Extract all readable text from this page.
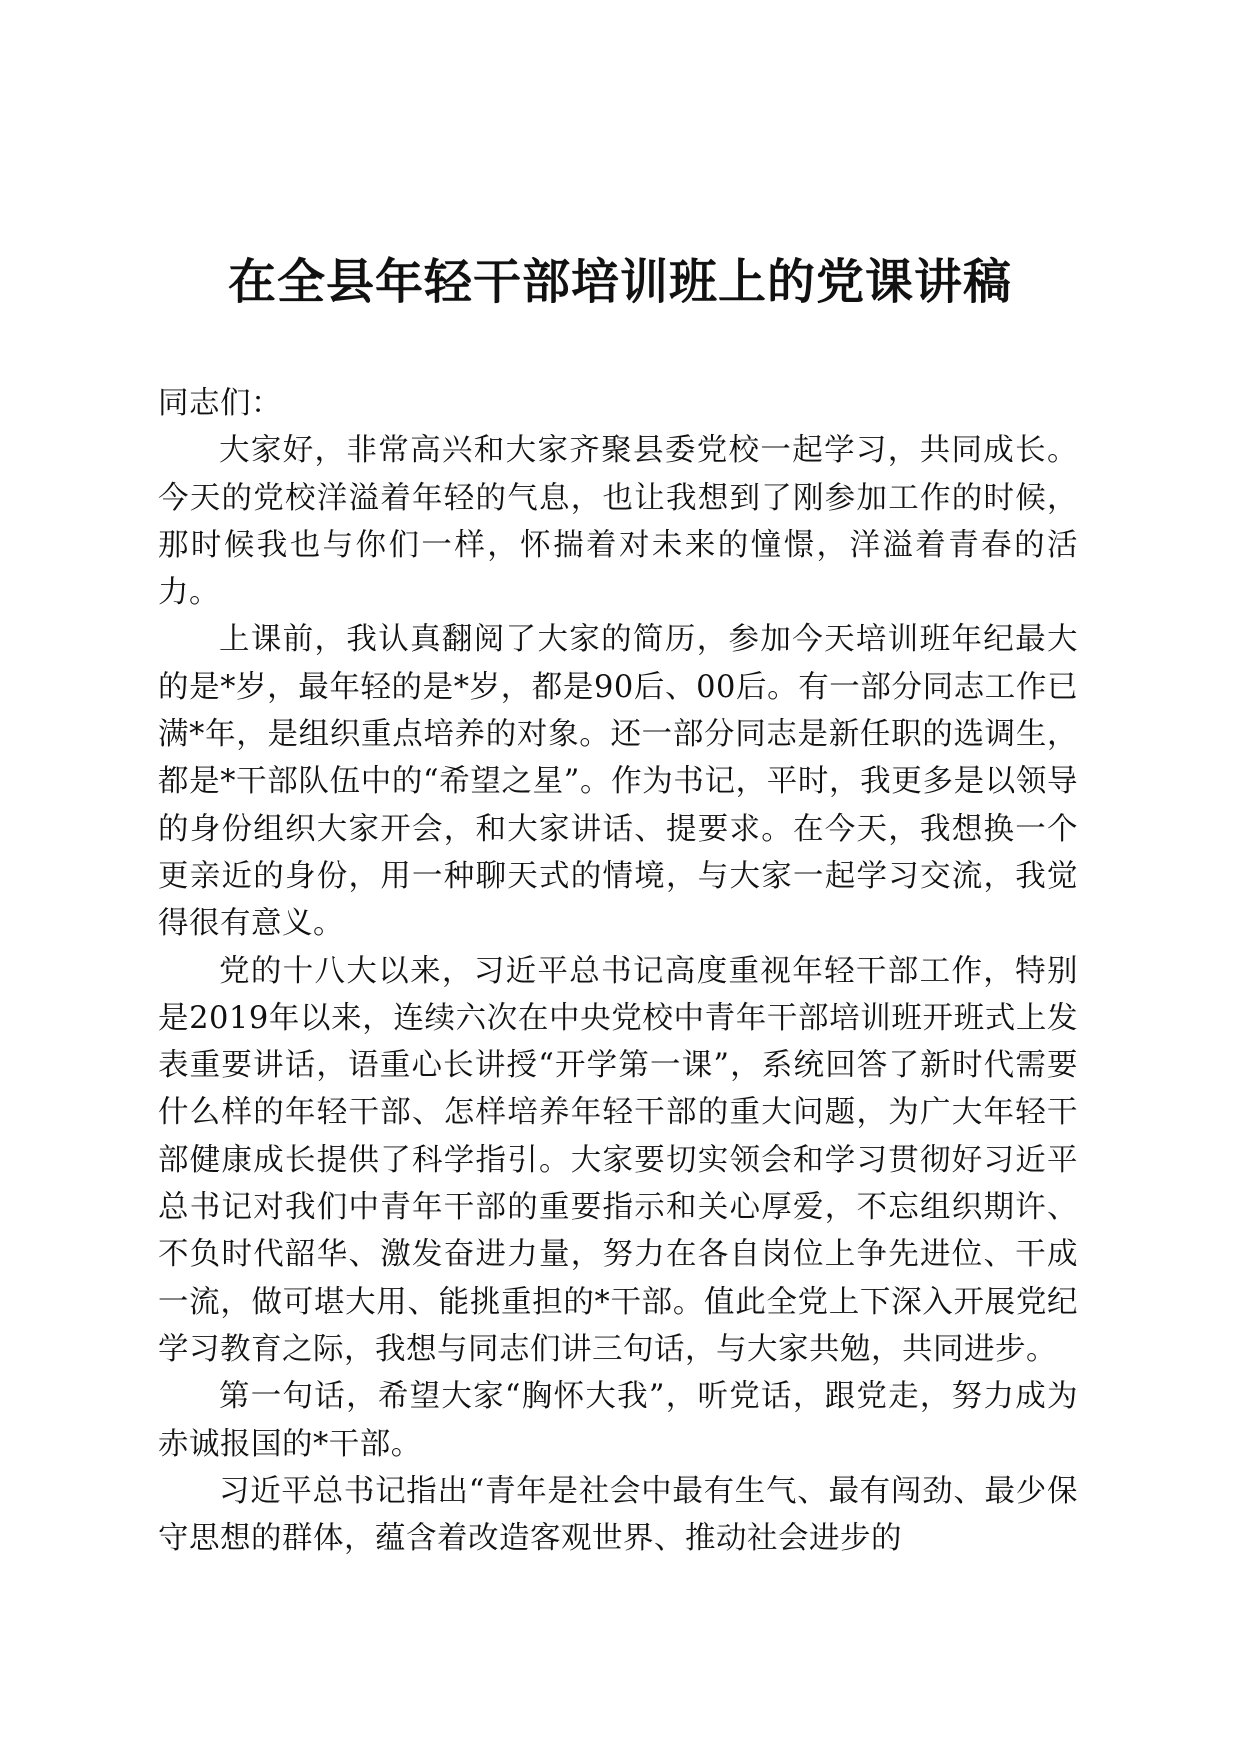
在全县年轻干部培训班上的党课讲稿

同志们：

大家好，非常高兴和大家齐聚县委党校一起学习，共同成长。今天的党校洋溢着年轻的气息，也让我想到了刚参加工作的时候，那时候我也与你们一样，怀揣着对未来的憧憬，洋溢着青春的活力。

上课前，我认真翻阅了大家的简历，参加今天培训班年纪最大的是*岁，最年轻的是*岁，都是90后、00后。有一部分同志工作已满*年，是组织重点培养的对象。还一部分同志是新任职的选调生，都是*干部队伍中的“希望之星”。作为书记，平时，我更多是以领导的身份组织大家开会，和大家讲话、提要求。在今天，我想换一个更亲近的身份，用一种聊天式的情境，与大家一起学习交流，我觉得很有意义。

党的十八大以来，习近平总书记高度重视年轻干部工作，特别是2019年以来，连续六次在中央党校中青年干部培训班开班式上发表重要讲话，语重心长讲授“开学第一课”，系统回答了新时代需要什么样的年轻干部、怎样培养年轻干部的重大问题，为广大年轻干部健康成长提供了科学指引。大家要切实领会和学习贯彻好习近平总书记对我们中青年干部的重要指示和关心厚爱，不忘组织期许、不负时代韶华、激发奋进力量，努力在各自岗位上争先进位、干成一流，做可堪大用、能挑重担的*干部。值此全党上下深入开展党纪学习教育之际，我想与同志们讲三句话，与大家共勉，共同进步。

第一句话，希望大家“胸怀大我”，听党话，跟党走，努力成为赤诚报国的*干部。

习近平总书记指出“青年是社会中最有生气、最有闯劲、最少保守思想的群体，蕴含着改造客观世界、推动社会进步的
